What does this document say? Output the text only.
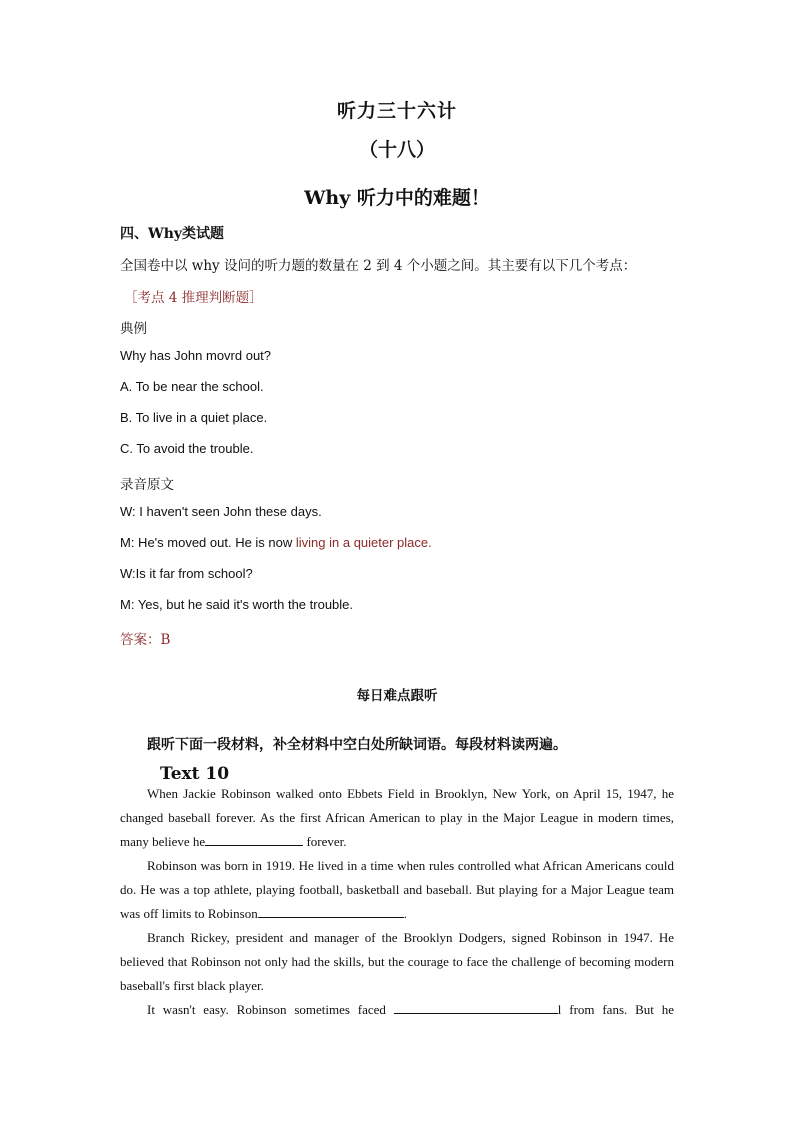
听力三十六计
（十八）
Why 听力中的难题！
四、Why类试题
全国卷中以 why 设问的听力题的数量在 2 到 4 个小题之间。其主要有以下几个考点：
［考点 4 推理判断题］
典例
Why has John movrd out?
A. To be near the school.
B. To live in a quiet place.
C. To avoid the trouble.
录音原文
W: I haven't seen John these days.
M: He's moved out. He is now living in a quieter place.
W:Is it far from school?
M: Yes, but he said it's worth the trouble.
答案：B
每日难点跟听
跟听下面一段材料，补全材料中空白处所缺词语。每段材料读两遍。
Text 10

When Jackie Robinson walked onto Ebbets Field in Brooklyn, New York, on April 15, 1947, he changed baseball forever. As the first African American to play in the Major League in modern times, many believe he	forever.

Robinson was born in 1919. He lived in a time when rules controlled what African Americans could do. He was a top athlete, playing football, basketball and baseball. But playing for a Major League team was off limits to Robinson	.

Branch Rickey, president and manager of the Brooklyn Dodgers, signed Robinson in 1947. He believed that Robinson not only had the skills, but the courage to face the challenge of becoming modern baseball's first black player.

It wasn't easy. Robinson sometimes faced	l from fans. But he
